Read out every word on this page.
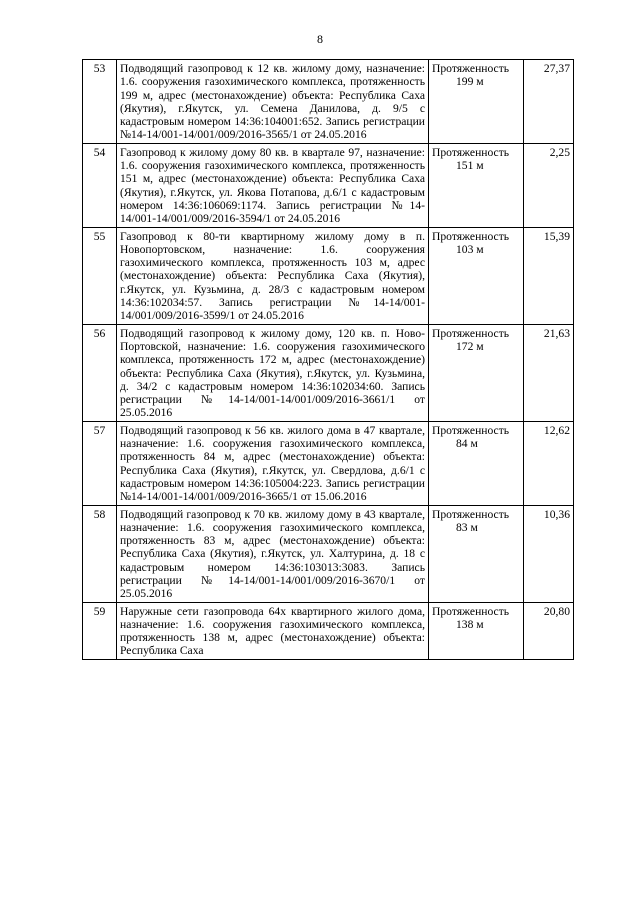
8
53	Подводящий газопровод к 12 кв. жилому дому, назначение: 1.6. сооружения газохимического комплекса, протяженность 199 м, адрес (местонахождение) объекта: Республика Саха (Якутия), г.Якутск, ул. Семена Данилова, д. 9/5 с кадастровым номером 14:36:104001:652. Запись регистрации №14-14/001-14/001/009/2016-3565/1 от 24.05.2016	Протяженность
199 м	27,37
54	Газопровод к жилому дому 80 кв. в квартале 97, назначение: 1.6. сооружения газохимического комплекса, протяженность 151 м, адрес (местонахождение) объекта: Республика Саха (Якутия), г.Якутск, ул. Якова Потапова, д.6/1 с кадастровым номером 14:36:106069:1174. Запись регистрации №14-14/001-14/001/009/2016-3594/1 от 24.05.2016	Протяженность
151 м	2,25
55	Газопровод к 80-ти квартирному жилому дому в п. Новопортовском, назначение: 1.6. сооружения газохимического комплекса, протяженность 103 м, адрес (местонахождение) объекта: Республика Саха (Якутия), г.Якутск, ул. Кузьмина, д. 28/3 с кадастровым номером 14:36:102034:57. Запись регистрации №14-14/001-14/001/009/2016-3599/1 от 24.05.2016	Протяженность
103 м	15,39
56	Подводящий газопровод к жилому дому, 120 кв. п. Ново-Портовской, назначение: 1.6. сооружения газохимического комплекса, протяженность 172 м, адрес (местонахождение) объекта: Республика Саха (Якутия), г.Якутск, ул. Кузьмина, д. 34/2 с кадастровым номером 14:36:102034:60. Запись регистрации №14-14/001-14/001/009/2016-3661/1 от 25.05.2016	Протяженность
172 м	21,63
57	Подводящий газопровод к 56 кв. жилого дома в 47 квартале, назначение: 1.6. сооружения газохимического комплекса, протяженность 84 м, адрес (местонахождение) объекта: Республика Саха (Якутия), г.Якутск, ул. Свердлова, д.6/1 с кадастровым номером 14:36:105004:223. Запись регистрации №14-14/001-14/001/009/2016-3665/1 от 15.06.2016	Протяженность
84 м	12,62
58	Подводящий газопровод к 70 кв. жилому дому в 43 квартале, назначение: 1.6. сооружения газохимического комплекса, протяженность 83 м, адрес (местонахождение) объекта: Республика Саха (Якутия), г.Якутск, ул. Халтурина, д. 18 с кадастровым номером 14:36:103013:3083. Запись регистрации №14-14/001-14/001/009/2016-3670/1 от 25.05.2016	Протяженность
83 м	10,36
59	Наружные сети газопровода 64х квартирного жилого дома, назначение: 1.6. сооружения газохимического комплекса, протяженность 138 м, адрес (местонахождение) объекта: Республика Саха	Протяженность
138 м	20,80
